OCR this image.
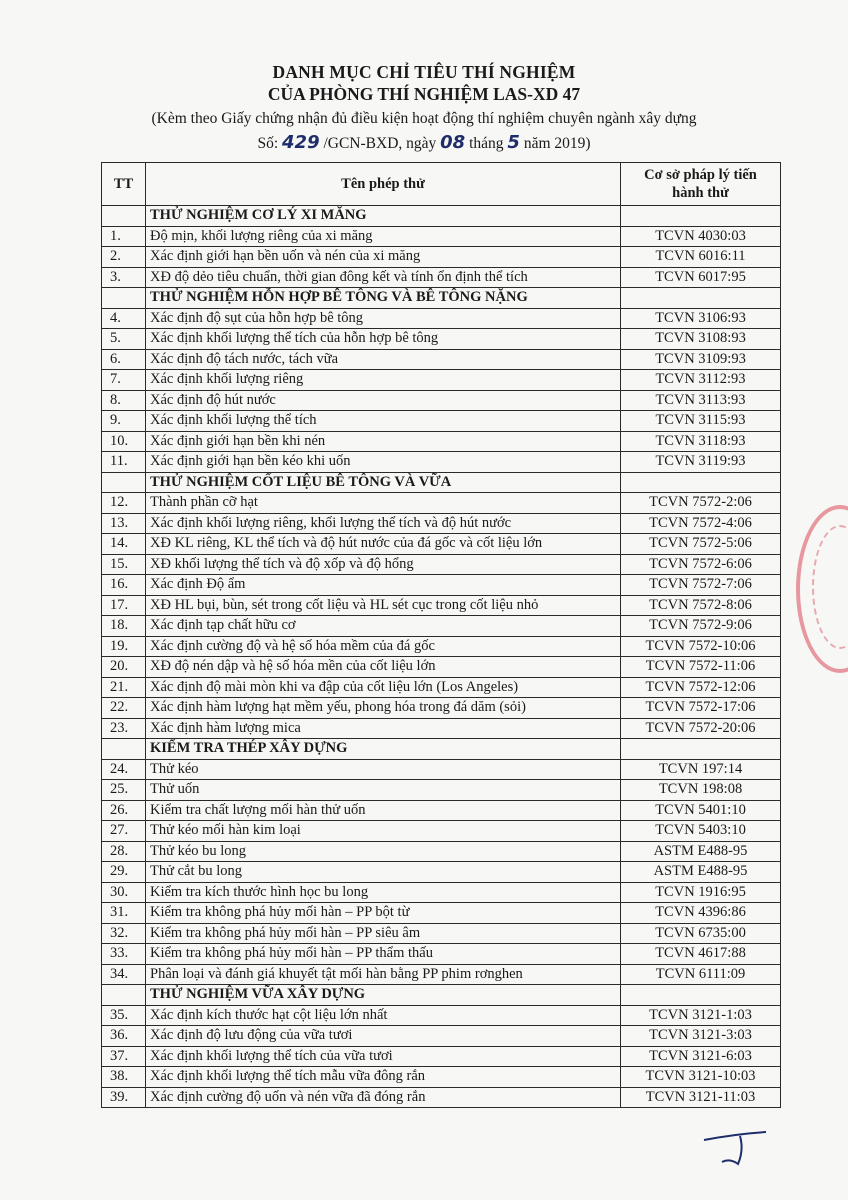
DANH MỤC CHỈ TIÊU THÍ NGHIỆM
CỦA PHÒNG THÍ NGHIỆM LAS-XD 47
(Kèm theo Giấy chứng nhận đủ điều kiện hoạt động thí nghiệm chuyên ngành xây dựng
Số: 429 /GCN-BXD, ngày 08 tháng 5 năm 2019)
TT	Tên phép thử	Cơ sở pháp lý tiến
hành thử
	THỬ NGHIỆM CƠ LÝ XI MĂNG	
1.	Độ mịn, khối lượng riêng của xi măng	TCVN 4030:03
2.	Xác định giới hạn bền uốn và nén của xi măng	TCVN 6016:11
3.	XĐ độ dẻo tiêu chuẩn, thời gian đông kết và tính ổn định thể tích	TCVN 6017:95
	THỬ NGHIỆM HỖN HỢP BÊ TÔNG VÀ BÊ TÔNG NẶNG	
4.	Xác định độ sụt của hỗn hợp bê tông	TCVN 3106:93
5.	Xác định khối lượng thể tích của hỗn hợp bê tông	TCVN 3108:93
6.	Xác định độ tách nước, tách vữa	TCVN 3109:93
7.	Xác định khối lượng riêng	TCVN 3112:93
8.	Xác định độ hút nước	TCVN 3113:93
9.	Xác định khối lượng thể tích	TCVN 3115:93
10.	Xác định giới hạn bền khi nén	TCVN 3118:93
11.	Xác định giới hạn bền kéo khi uốn	TCVN 3119:93
	THỬ NGHIỆM CỐT LIỆU BÊ TÔNG VÀ VỮA	
12.	Thành phần cỡ hạt	TCVN 7572-2:06
13.	Xác định khối lượng riêng, khối lượng thể tích và độ hút nước	TCVN 7572-4:06
14.	XĐ KL riêng, KL thể tích và độ hút nước của đá gốc và cốt liệu lớn	TCVN 7572-5:06
15.	XĐ khối lượng thể tích và độ xốp và độ hổng	TCVN 7572-6:06
16.	Xác định Độ ẩm	TCVN 7572-7:06
17.	XĐ HL bụi, bùn, sét trong cốt liệu và HL sét cục trong cốt liệu nhỏ	TCVN 7572-8:06
18.	Xác định tạp chất hữu cơ	TCVN 7572-9:06
19.	Xác định cường độ và hệ số hóa mềm của đá gốc	TCVN 7572-10:06
20.	XĐ độ nén dập và hệ số hóa mền của cốt liệu lớn	TCVN 7572-11:06
21.	Xác định độ mài mòn khi va đập của cốt liệu lớn (Los Angeles)	TCVN 7572-12:06
22.	Xác định hàm lượng hạt mềm yếu, phong hóa trong đá dăm (sỏi)	TCVN 7572-17:06
23.	Xác định hàm lượng mica	TCVN 7572-20:06
	KIỂM TRA THÉP XÂY DỰNG	
24.	Thử kéo	TCVN 197:14
25.	Thử uốn	TCVN 198:08
26.	Kiểm tra chất lượng mối hàn thử uốn	TCVN 5401:10
27.	Thử kéo mối hàn kim loại	TCVN 5403:10
28.	Thử kéo bu long	ASTM E488-95
29.	Thử cắt bu long	ASTM E488-95
30.	Kiểm tra kích thước hình học bu long	TCVN 1916:95
31.	Kiểm tra không phá hủy mối hàn – PP bột từ	TCVN 4396:86
32.	Kiểm tra không phá hủy mối hàn – PP siêu âm	TCVN 6735:00
33.	Kiểm tra không phá hủy mối hàn – PP thẩm thấu	TCVN 4617:88
34.	Phân loại và đánh giá khuyết tật mối hàn bằng PP phim rơnghen	TCVN 6111:09
	THỬ NGHIỆM VỮA XÂY DỰNG	
35.	Xác định kích thước hạt cột liệu lớn nhất	TCVN 3121-1:03
36.	Xác định độ lưu động của vữa tươi	TCVN 3121-3:03
37.	Xác định khối lượng thể tích của vữa tươi	TCVN 3121-6:03
38.	Xác định khối lượng thể tích mẫu vữa đông rắn	TCVN 3121-10:03
39.	Xác định cường độ uốn và nén vữa đã đóng rắn	TCVN 3121-11:03
